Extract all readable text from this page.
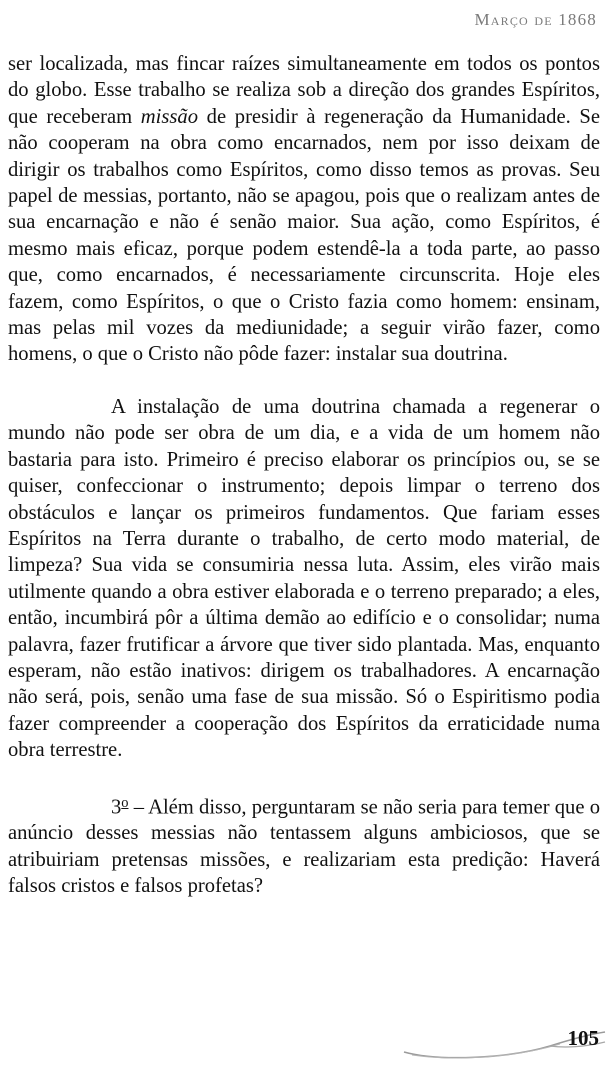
Março de 1868

ser localizada, mas fincar raízes simultaneamente em todos os pontos do globo. Esse trabalho se realiza sob a direção dos grandes Espíritos, que receberam missão de presidir à regeneração da Humanidade. Se não cooperam na obra como encarnados, nem por isso deixam de dirigir os trabalhos como Espíritos, como disso temos as provas. Seu papel de messias, portanto, não se apagou, pois que o realizam antes de sua encarnação e não é senão maior. Sua ação, como Espíritos, é mesmo mais eficaz, porque podem estendê-la a toda parte, ao passo que, como encarnados, é necessariamente circunscrita. Hoje eles fazem, como Espíritos, o que o Cristo fazia como homem: ensinam, mas pelas mil vozes da mediunidade; a seguir virão fazer, como homens, o que o Cristo não pôde fazer: instalar sua doutrina.

A instalação de uma doutrina chamada a regenerar o mundo não pode ser obra de um dia, e a vida de um homem não bastaria para isto. Primeiro é preciso elaborar os princípios ou, se se quiser, confeccionar o instrumento; depois limpar o terreno dos obstáculos e lançar os primeiros fundamentos. Que fariam esses Espíritos na Terra durante o trabalho, de certo modo material, de limpeza? Sua vida se consumiria nessa luta. Assim, eles virão mais utilmente quando a obra estiver elaborada e o terreno preparado; a eles, então, incumbirá pôr a última demão ao edifício e o consolidar; numa palavra, fazer frutificar a árvore que tiver sido plantada. Mas, enquanto esperam, não estão inativos: dirigem os trabalhadores. A encarnação não será, pois, senão uma fase de sua missão. Só o Espiritismo podia fazer compreender a cooperação dos Espíritos da erraticidade numa obra terrestre.

3$^o$ – Além disso, perguntaram se não seria para temer que o anúncio desses messias não tentassem alguns ambiciosos, que se atribuiriam pretensas missões, e realizariam esta predição: Haverá falsos cristos e falsos profetas?

105
